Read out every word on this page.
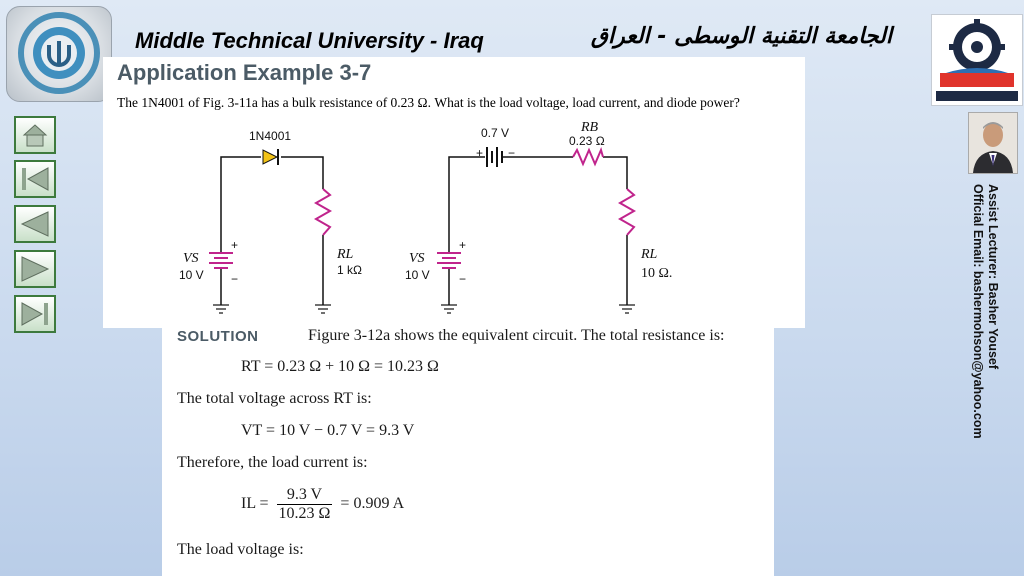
Middle Technical University - Iraq	الجامعة التقنية الوسطى - العراق
Assist Lecturer: Basher Yousef
Official Email: bashermohson@yahoo.com
Application Example 3-7
The 1N4001 of Fig. 3-11a has a bulk resistance of 0.23 Ω. What is the load voltage, load current, and diode power?
1N4001
+
−
VS
10 V
RL
1 kΩ
0.7 V
+ −
RB
0.23 Ω
+
−
VS
10 V
RL
10 Ω.
SOLUTION	Figure 3-12a shows the equivalent circuit. The total resistance is:
RT = 0.23 Ω + 10 Ω = 10.23 Ω
The total voltage across RT is:
VT = 10 V − 0.7 V = 9.3 V
Therefore, the load current is:
IL = $\frac{9.3 V}{10.23 \Omega} = 0.909$ A
The load voltage is:
